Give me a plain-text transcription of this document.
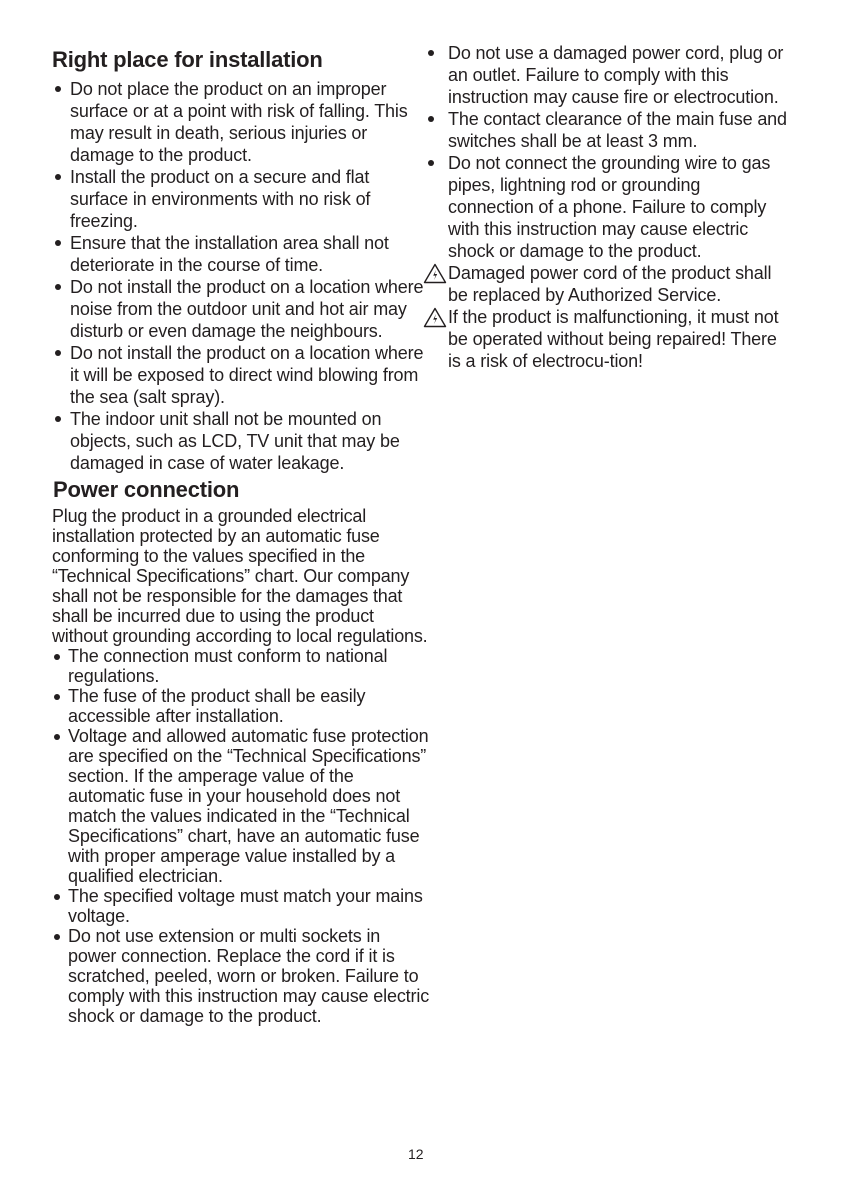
Right place for installation
Do not place the product on an improper surface or at a point with risk of falling. This may result in death, serious injuries or damage to the product.
Install the product on a secure and flat surface in environments with no risk of freezing.
Ensure that the installation area shall not deteriorate in the course of time.
Do not install the product on a location where noise from the outdoor unit and hot air may disturb or even damage the neighbours.
Do not install the product on a location where it will be exposed to direct wind blowing from the sea (salt spray).
The indoor unit shall not be mounted on objects, such as LCD, TV unit that may be damaged in case of water leakage.
Power connection

Plug the product in a grounded electrical installation protected by an automatic fuse conforming to the values specified in the “Technical Specifications” chart. Our company shall not be responsible for the damages that shall be incurred due to using the product without grounding according to local regulations.

The connection must conform to national regulations.
The fuse of the product shall be easily accessible after installation.
Voltage and allowed automatic fuse protection are specified on the “Technical Specifications” section. If the amperage value of the automatic fuse in your household does not match the values indicated in the “Technical Specifications” chart, have an automatic fuse with proper amperage value installed by a qualified electrician.
The specified voltage must match your mains voltage.
Do not use extension or multi sockets in power connection. Replace the cord if it is scratched, peeled, worn or broken. Failure to comply with this instruction may cause electric shock or damage to the product.
Do not use a damaged power cord, plug or an outlet. Failure to comply with this instruction may cause fire or electrocution.
The contact clearance of the main fuse and switches shall be at least 3 mm.
Do not connect the grounding wire to gas pipes, lightning rod or grounding connection of a phone. Failure to comply with this instruction may cause electric shock or damage to the product.
Damaged power cord of the product shall be replaced by Authorized Service.
If the product is malfunctioning, it must not be operated without being repaired! There is a risk of electrocu-tion!
12
